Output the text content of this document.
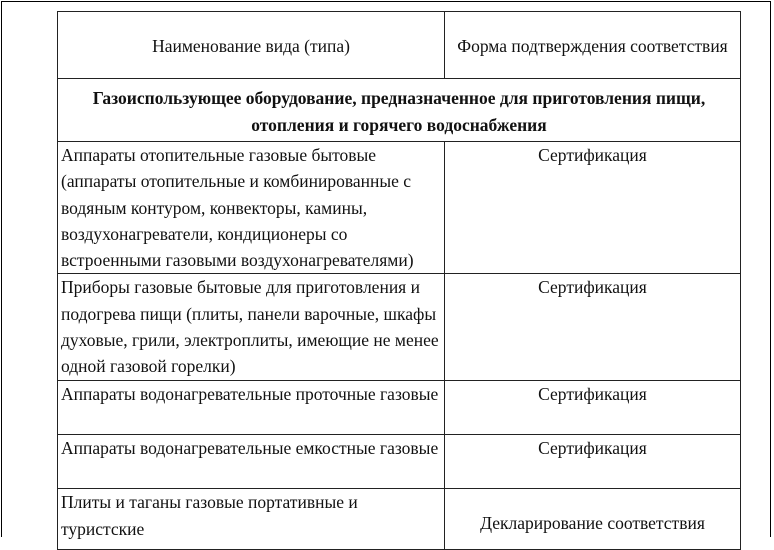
Наименование вида (типа)	Форма подтверждения соответствия

Газоиспользующее оборудование, предназначенное для приготовления пищи, отопления и горячего водоснабжения	
Аппараты отопительные газовые бытовые (аппараты отопительные и комбинированные с водяным контуром, конвекторы, камины, воздухонагреватели, кондиционеры со встроенными газовыми воздухонагревателями)	Сертификация
Приборы газовые бытовые для приготовления и подогрева пищи (плиты, панели варочные, шкафы духовые, грили, электроплиты, имеющие не менее одной газовой горелки)	Сертификация
Аппараты водонагревательные проточные газовые	Сертификация
Аппараты водонагревательные емкостные газовые	Сертификация
Плиты и таганы газовые портативные и туристские	Декларирование соответствия
